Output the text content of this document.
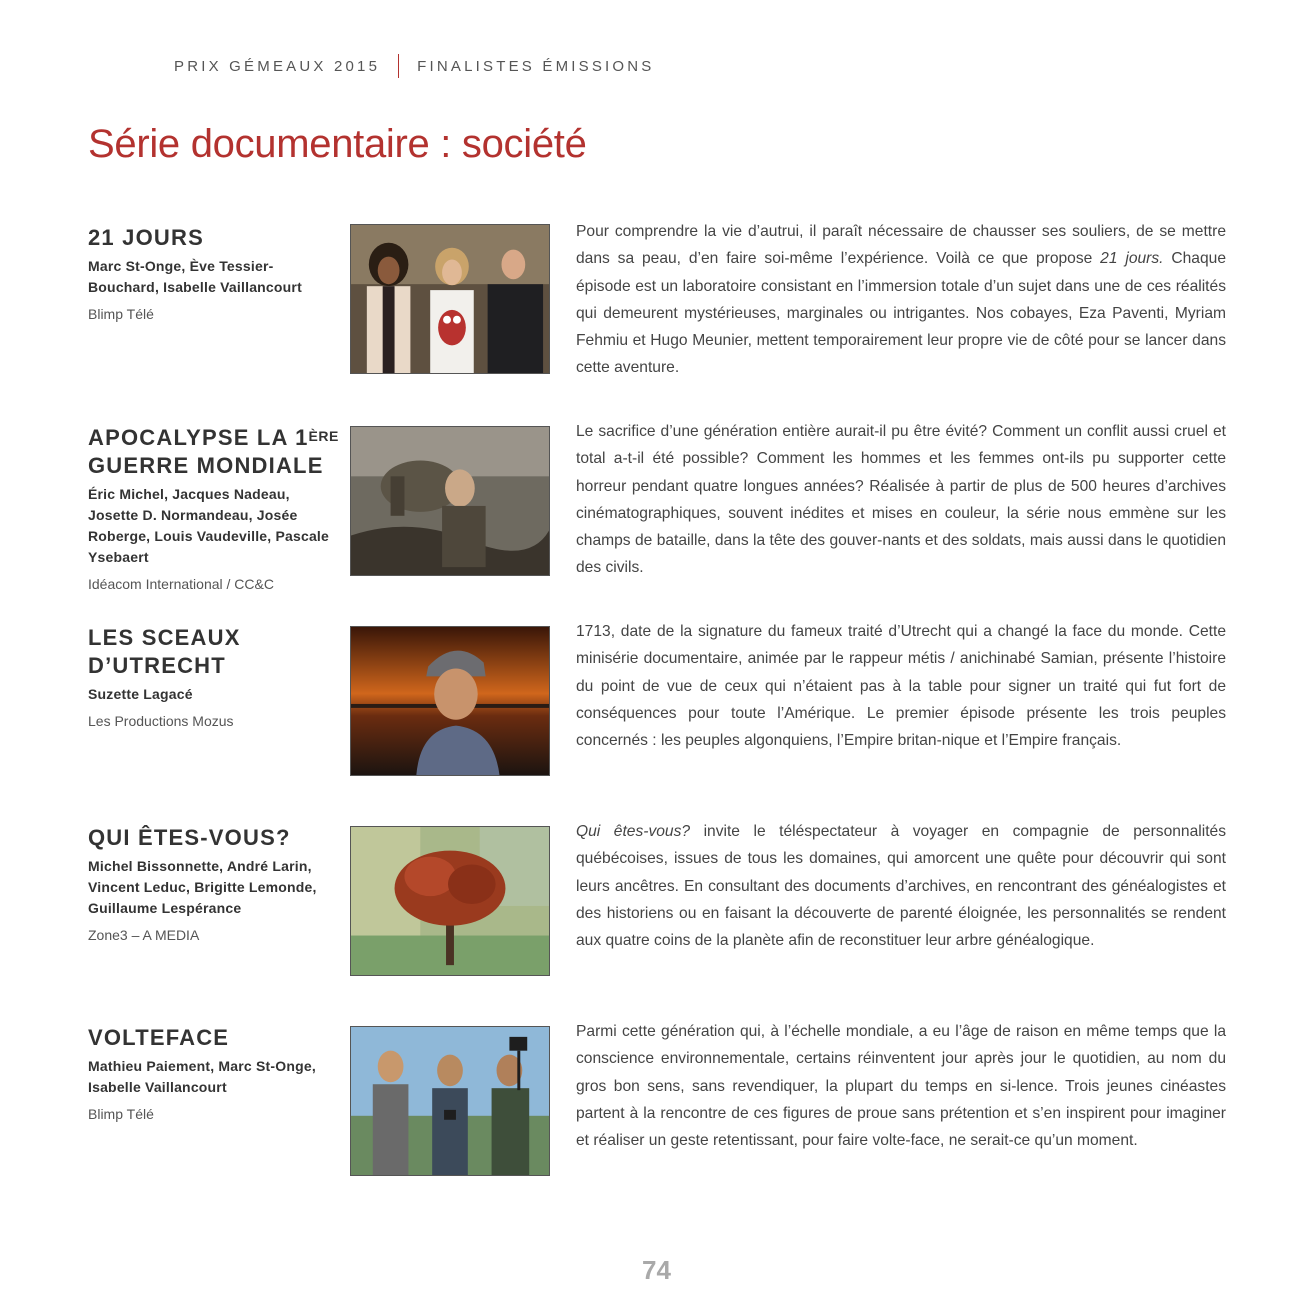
PRIX GÉMEAUX 2015 FINALISTES ÉMISSIONS
Série documentaire : société
21 JOURS
Marc St-Onge, Ève Tessier-Bouchard, Isabelle Vaillancourt
Blimp Télé
Pour comprendre la vie d’autrui, il paraît nécessaire de chausser ses souliers, de se mettre dans sa peau, d’en faire soi-même l’expérience. Voilà ce que propose 21 jours. Chaque épisode est un laboratoire consistant en l’immersion totale d’un sujet dans une de ces réalités qui demeurent mystérieuses, marginales ou intrigantes. Nos cobayes, Eza Paventi, Myriam Fehmiu et Hugo Meunier, mettent temporairement leur propre vie de côté pour se lancer dans cette aventure.
APOCALYPSE LA 1ÈRE
GUERRE MONDIALE
Éric Michel, Jacques Nadeau, Josette D. Normandeau, Josée Roberge, Louis Vaudeville, Pascale Ysebaert
Idéacom International / CC&C
Le sacrifice d’une génération entière aurait-il pu être évité? Comment un conflit aussi cruel et total a-t-il été possible? Comment les hommes et les femmes ont-ils pu supporter cette horreur pendant quatre longues années? Réalisée à partir de plus de 500 heures d’archives cinématographiques, souvent inédites et mises en couleur, la série nous emmène sur les champs de bataille, dans la tête des gouver-nants et des soldats, mais aussi dans le quotidien des civils.
LES SCEAUX
D’UTRECHT
Suzette Lagacé
Les Productions Mozus
1713, date de la signature du fameux traité d’Utrecht qui a changé la face du monde. Cette minisérie documentaire, animée par le rappeur métis / anichinabé Samian, présente l’histoire du point de vue de ceux qui n’étaient pas à la table pour signer un traité qui fut fort de conséquences pour toute l’Amérique. Le premier épisode présente les trois peuples concernés : les peuples algonquiens, l’Empire britan-nique et l’Empire français.
QUI ÊTES-VOUS?
Michel Bissonnette, André Larin, Vincent Leduc, Brigitte Lemonde, Guillaume Lespérance
Zone3 – A MEDIA
Qui êtes-vous? invite le téléspectateur à voyager en compagnie de personnalités québécoises, issues de tous les domaines, qui amorcent une quête pour découvrir qui sont leurs ancêtres. En consultant des documents d’archives, en rencontrant des généalogistes et des historiens ou en faisant la découverte de parenté éloignée, les personnalités se rendent aux quatre coins de la planète afin de reconstituer leur arbre généalogique.
VOLTEFACE
Mathieu Paiement, Marc St-Onge, Isabelle Vaillancourt
Blimp Télé
Parmi cette génération qui, à l’échelle mondiale, a eu l’âge de raison en même temps que la conscience environnementale, certains réinventent jour après jour le quotidien, au nom du gros bon sens, sans revendiquer, la plupart du temps en si-lence. Trois jeunes cinéastes partent à la rencontre de ces figures de proue sans prétention et s’en inspirent pour imaginer et réaliser un geste retentissant, pour faire volte-face, ne serait-ce qu’un moment.
74
